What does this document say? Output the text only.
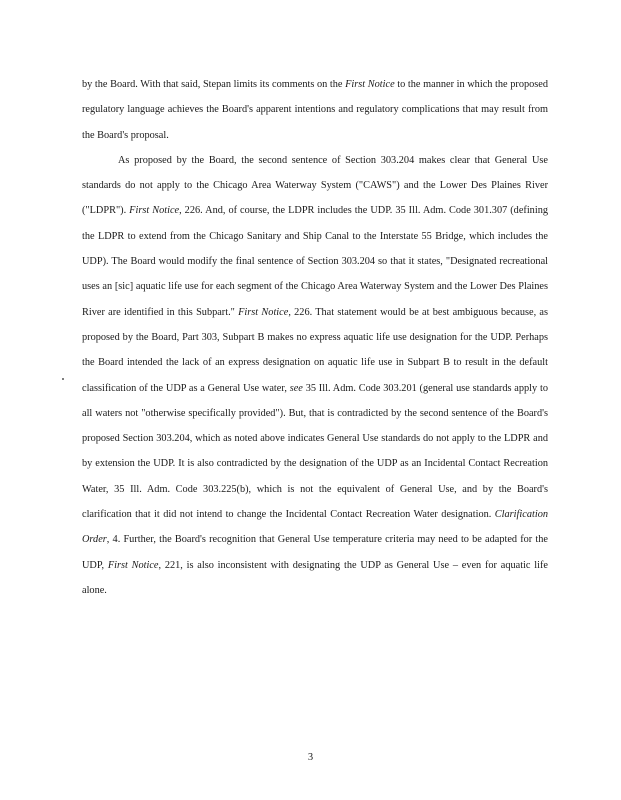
by the Board. With that said, Stepan limits its comments on the First Notice to the manner in which the proposed regulatory language achieves the Board's apparent intentions and regulatory complications that may result from the Board's proposal.

As proposed by the Board, the second sentence of Section 303.204 makes clear that General Use standards do not apply to the Chicago Area Waterway System ("CAWS") and the Lower Des Plaines River ("LDPR"). First Notice, 226. And, of course, the LDPR includes the UDP. 35 Ill. Adm. Code 301.307 (defining the LDPR to extend from the Chicago Sanitary and Ship Canal to the Interstate 55 Bridge, which includes the UDP). The Board would modify the final sentence of Section 303.204 so that it states, "Designated recreational uses an [sic] aquatic life use for each segment of the Chicago Area Waterway System and the Lower Des Plaines River are identified in this Subpart." First Notice, 226. That statement would be at best ambiguous because, as proposed by the Board, Part 303, Subpart B makes no express aquatic life use designation for the UDP. Perhaps the Board intended the lack of an express designation on aquatic life use in Subpart B to result in the default classification of the UDP as a General Use water, see 35 Ill. Adm. Code 303.201 (general use standards apply to all waters not "otherwise specifically provided"). But, that is contradicted by the second sentence of the Board's proposed Section 303.204, which as noted above indicates General Use standards do not apply to the LDPR and by extension the UDP. It is also contradicted by the designation of the UDP as an Incidental Contact Recreation Water, 35 Ill. Adm. Code 303.225(b), which is not the equivalent of General Use, and by the Board's clarification that it did not intend to change the Incidental Contact Recreation Water designation. Clarification Order, 4. Further, the Board's recognition that General Use temperature criteria may need to be adapted for the UDP, First Notice, 221, is also inconsistent with designating the UDP as General Use – even for aquatic life alone.

3
